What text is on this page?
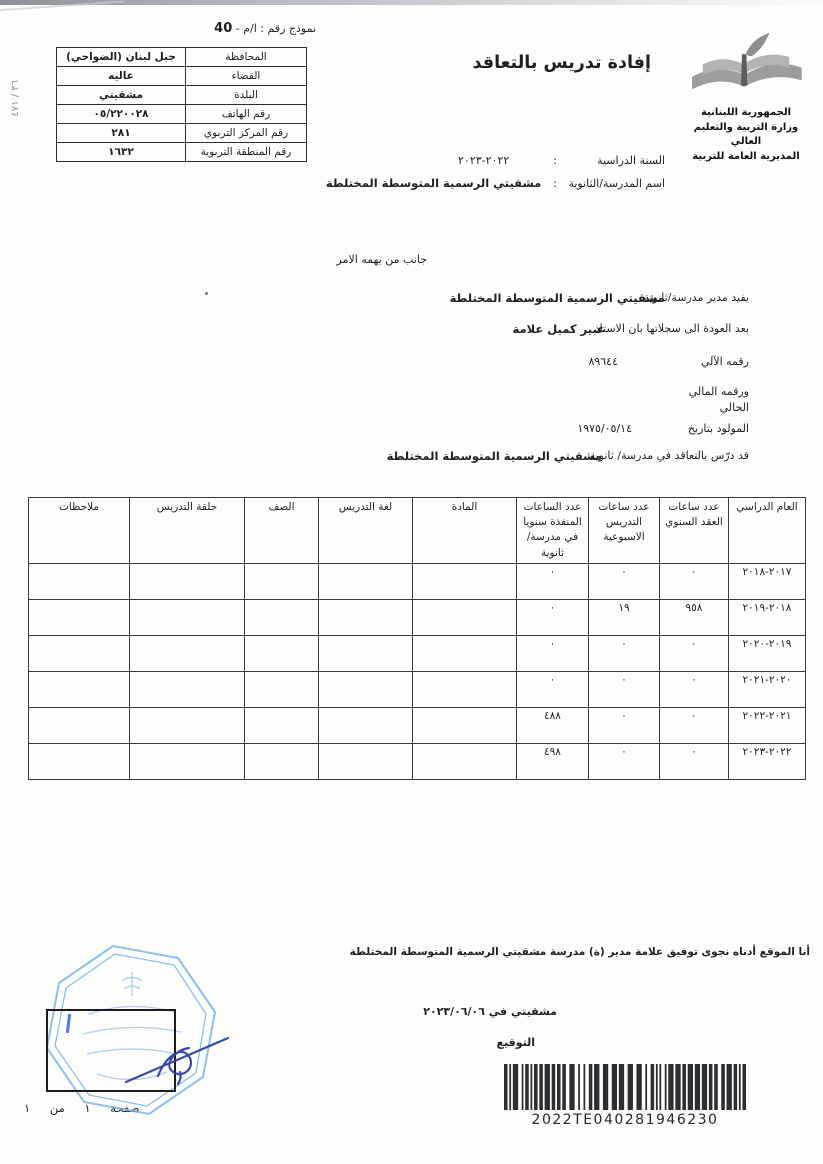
نموذج رقم : ا/م - 40
المحافظة	جبل لبنان (الضواحي)
القضاء	عاليه
البلدة	مشقيتي
رقم الهاتف	٠٥/٢٢٠٠٢٨
رقم المركز التربوي	٢٨١
رقم المنطقة التربوية	١٦٣٢
٣٦ / ٤٧١
الجمهورية اللبنانية
وزارة التربية والتعليم العالي
المديرية العامة للتربية
إفادة تدريس بالتعاقد
السنة الدراسية:٢٠٢٢-٢٠٢٣
اسم المدرسة/الثانوية:مشقيتي الرسمية المتوسطة المختلطة
جانب من يهمه الامر
يفيد مدير مدرسة/ثانوية
مشقيتي الرسمية المتوسطة المختلطة
بعد العودة الى سجلاتها بان الاستاذ
عبير كميل علامة
رقمه الآلي
٨٩٦٤٤
ورقمه المالي
الحالي
المولود بتاريخ
١٩٧٥/٠٥/١٤
قد درّس بالتعاقد في مدرسة/ ثانوية
مشقيتي الرسمية المتوسطة المختلطة
العام الدراسي	عدد ساعات العقد السنوي	عدد ساعات التدريس الاسبوعية	عدد الساعات المنفذة سنويا في مدرسة/ثانوية	المادة	لغة التدريس	الصف	حلقة التدريس	ملاحظات
٢٠١٧-٢٠١٨	٠	٠	٠					
٢٠١٨-٢٠١٩	٩٥٨	١٩	٠					
٢٠١٩-٢٠٢٠	٠	٠	٠					
٢٠٢٠-٢٠٢١	٠	٠	٠					
٢٠٢١-٢٠٢٢	٠	٠	٤٨٨					
٢٠٢٢-٢٠٢٣	٠	٠	٤٩٨					
أنا الموقع أدناه نجوى توفيق علامة مدير (ة) مدرسة مشقيتي الرسمية المتوسطة المختلطة
مشقيتي في ٢٠٢٣/٠٦/٠٦
التوقيع
2022TE040281946230
صفحة ١ من ١
